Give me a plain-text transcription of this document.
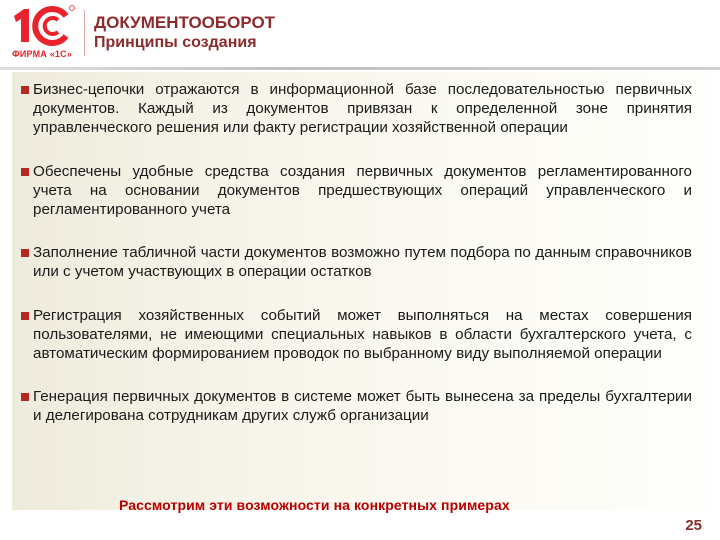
ФИРМА «1С»
ДОКУМЕНТООБОРОТ
Принципы создания
Бизнес-цепочки отражаются в информационной базе последовательностью первичных документов. Каждый из документов привязан к определенной зоне принятия управленческого решения или факту регистрации хозяйственной операции
Обеспечены удобные средства создания первичных документов регламентированного учета на основании документов предшествующих операций управленческого и регламентированного учета
Заполнение табличной части документов возможно путем подбора по данным справочников или с учетом участвующих в операции остатков
Регистрация хозяйственных событий может выполняться на местах совершения пользователями, не имеющими специальных навыков в области бухгалтерского учета, с автоматическим формированием проводок по выбранному виду выполняемой операции
Генерация первичных документов в системе может быть вынесена за пределы бухгалтерии и делегирована сотрудникам других служб организации
Рассмотрим эти возможности на конкретных примерах
25
